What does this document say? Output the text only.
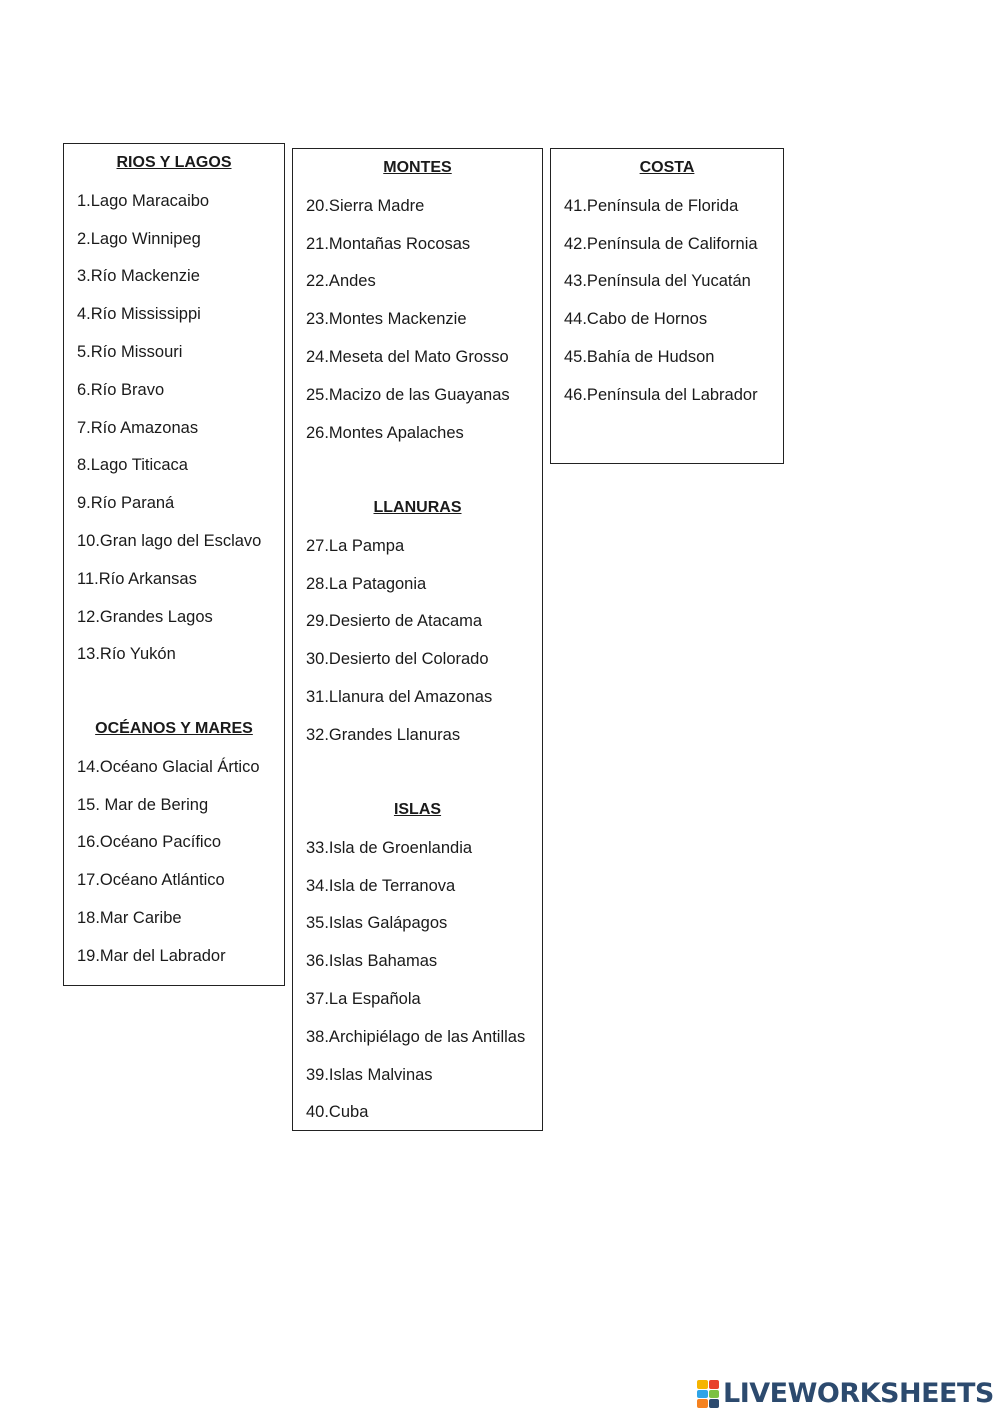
RIOS Y LAGOS
1.Lago Maracaibo
2.Lago Winnipeg
3.Río Mackenzie
4.Río Mississippi
5.Río Missouri
6.Río Bravo
7.Río Amazonas
8.Lago Titicaca
9.Río Paraná
10.Gran lago del Esclavo
11.Río Arkansas
12.Grandes Lagos
13.Río Yukón
OCÉANOS Y MARES
14.Océano Glacial Ártico
15. Mar de Bering
16.Océano Pacífico
17.Océano Atlántico
18.Mar Caribe
19.Mar del Labrador
MONTES
20.Sierra Madre
21.Montañas Rocosas
22.Andes
23.Montes Mackenzie
24.Meseta del Mato Grosso
25.Macizo de las Guayanas
26.Montes Apalaches
LLANURAS
27.La Pampa
28.La Patagonia
29.Desierto de Atacama
30.Desierto del Colorado
31.Llanura del Amazonas
32.Grandes Llanuras
ISLAS
33.Isla de Groenlandia
34.Isla de Terranova
35.Islas Galápagos
36.Islas Bahamas
37.La Española
38.Archipiélago de las Antillas
39.Islas Malvinas
40.Cuba
COSTA
41.Península de Florida
42.Península de California
43.Península del Yucatán
44.Cabo de Hornos
45.Bahía de Hudson
46.Península del Labrador
LIVEWORKSHEETS
